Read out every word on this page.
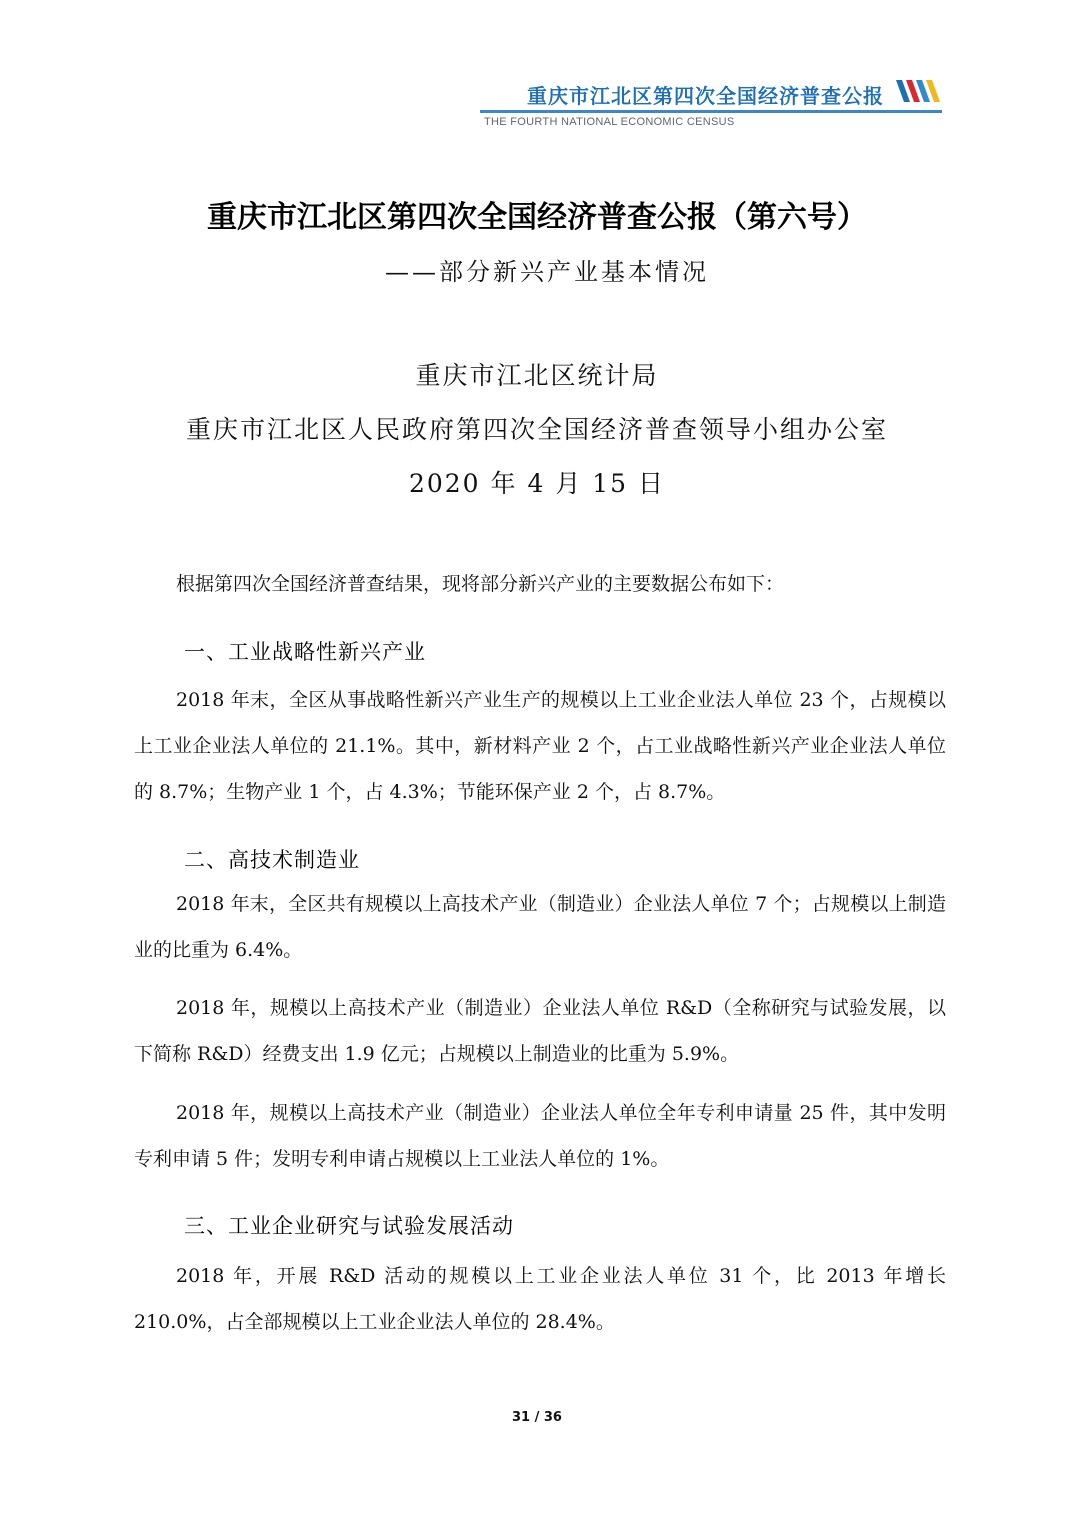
重庆市江北区第四次全国经济普查公报
THE FOURTH NATIONAL ECONOMIC CENSUS
重庆市江北区第四次全国经济普查公报（第六号）
——部分新兴产业基本情况
重庆市江北区统计局
重庆市江北区人民政府第四次全国经济普查领导小组办公室
2020 年 4 月 15 日

根据第四次全国经济普查结果，现将部分新兴产业的主要数据公布如下：

一、工业战略性新兴产业

2018 年末，全区从事战略性新兴产业生产的规模以上工业企业法人单位 23 个，占规模以上工业企业法人单位的 21.1%。其中，新材料产业 2 个，占工业战略性新兴产业企业法人单位的 8.7%；生物产业 1 个，占 4.3%；节能环保产业 2 个，占 8.7%。

二、高技术制造业

2018 年末，全区共有规模以上高技术产业（制造业）企业法人单位 7 个；占规模以上制造业的比重为 6.4%。

2018 年，规模以上高技术产业（制造业）企业法人单位 R&D（全称研究与试验发展，以下简称 R&D）经费支出 1.9 亿元；占规模以上制造业的比重为 5.9%。

2018 年，规模以上高技术产业（制造业）企业法人单位全年专利申请量 25 件，其中发明专利申请 5 件；发明专利申请占规模以上工业法人单位的 1%。

三、工业企业研究与试验发展活动

2018 年，开展 R&D 活动的规模以上工业企业法人单位 31 个，比 2013 年增长 210.0%，占全部规模以上工业企业法人单位的 28.4%。

31 / 36
